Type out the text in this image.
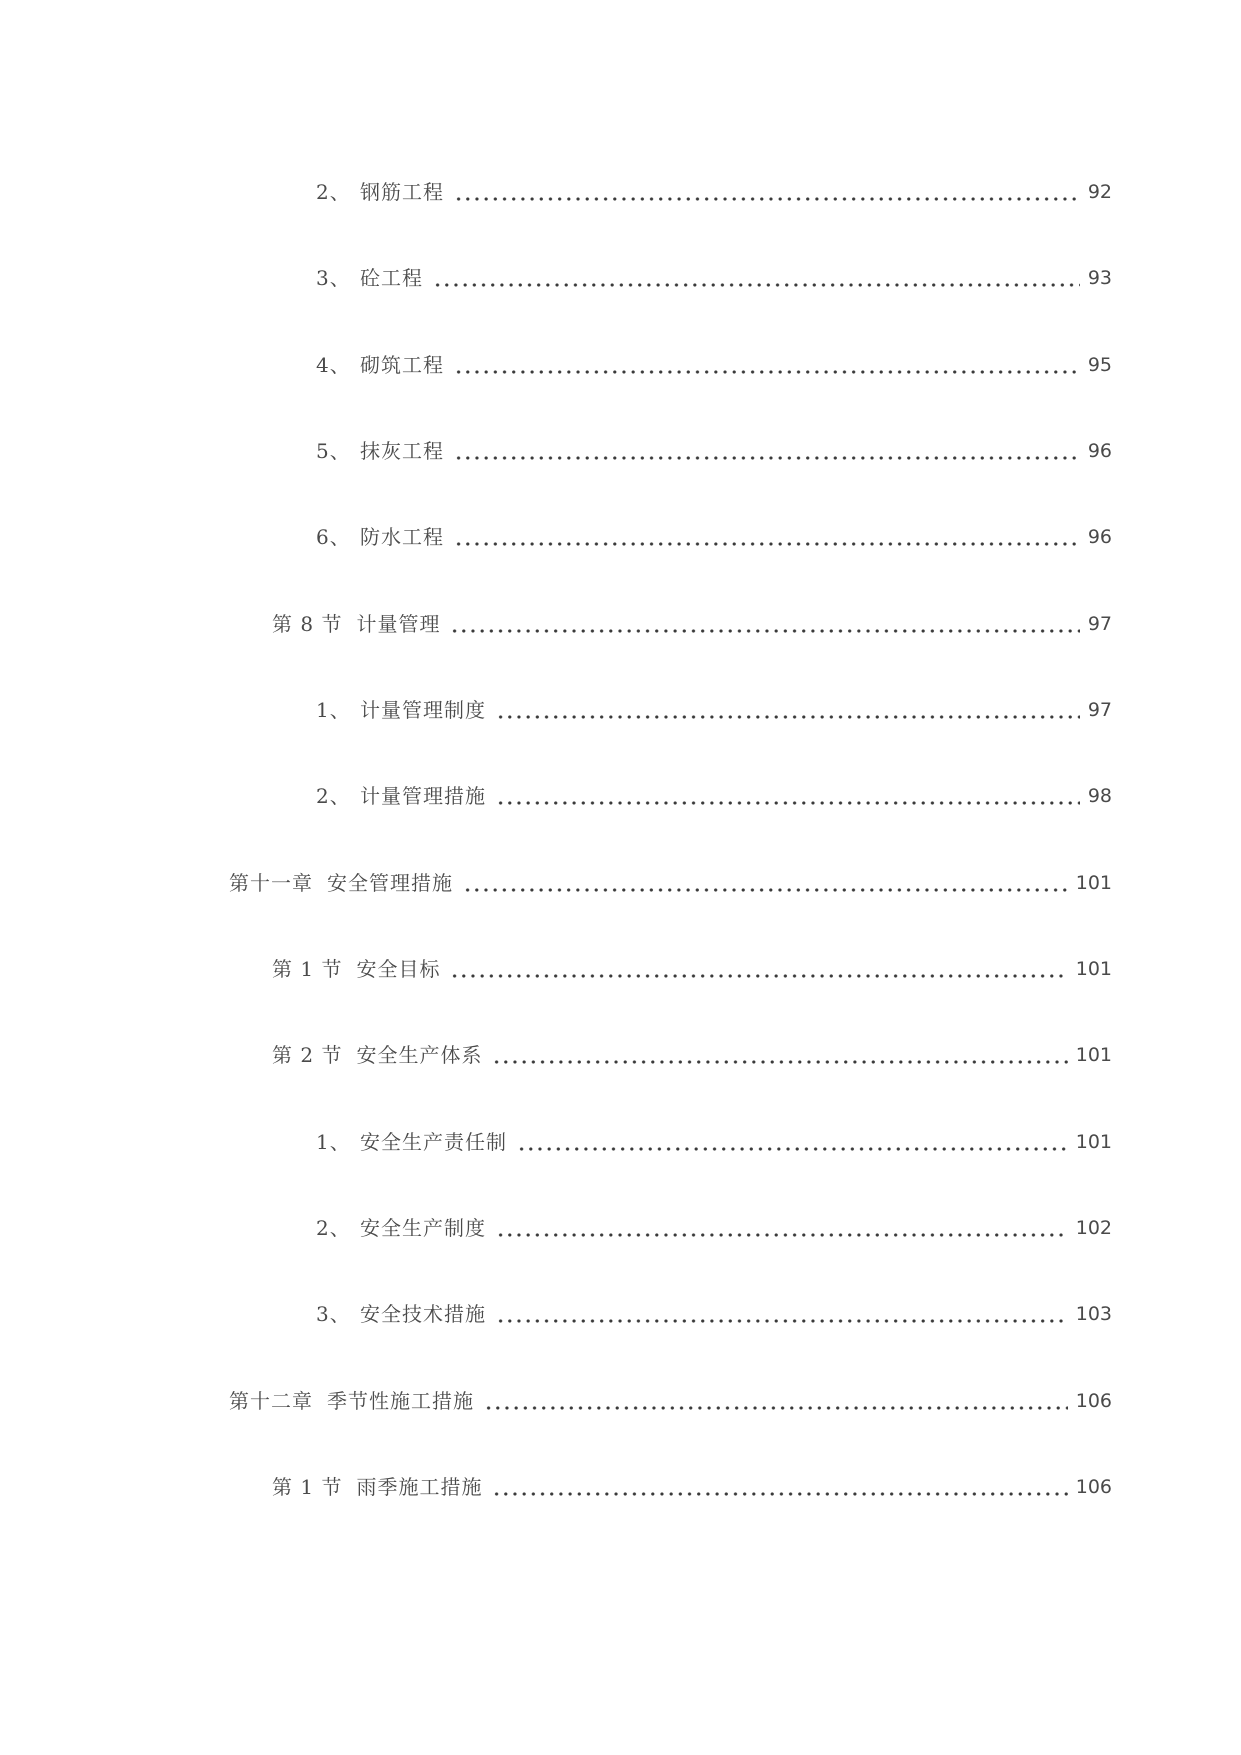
2、 钢筋工程	92
3、 砼工程	93
4、 砌筑工程	95
5、 抹灰工程	96
6、 防水工程	96
第 8 节 计量管理	97
1、 计量管理制度	97
2、 计量管理措施	98
第十一章 安全管理措施	101
第 1 节 安全目标	101
第 2 节 安全生产体系	101
1、 安全生产责任制	101
2、 安全生产制度	102
3、 安全技术措施	103
第十二章 季节性施工措施	106
第 1 节 雨季施工措施	106
